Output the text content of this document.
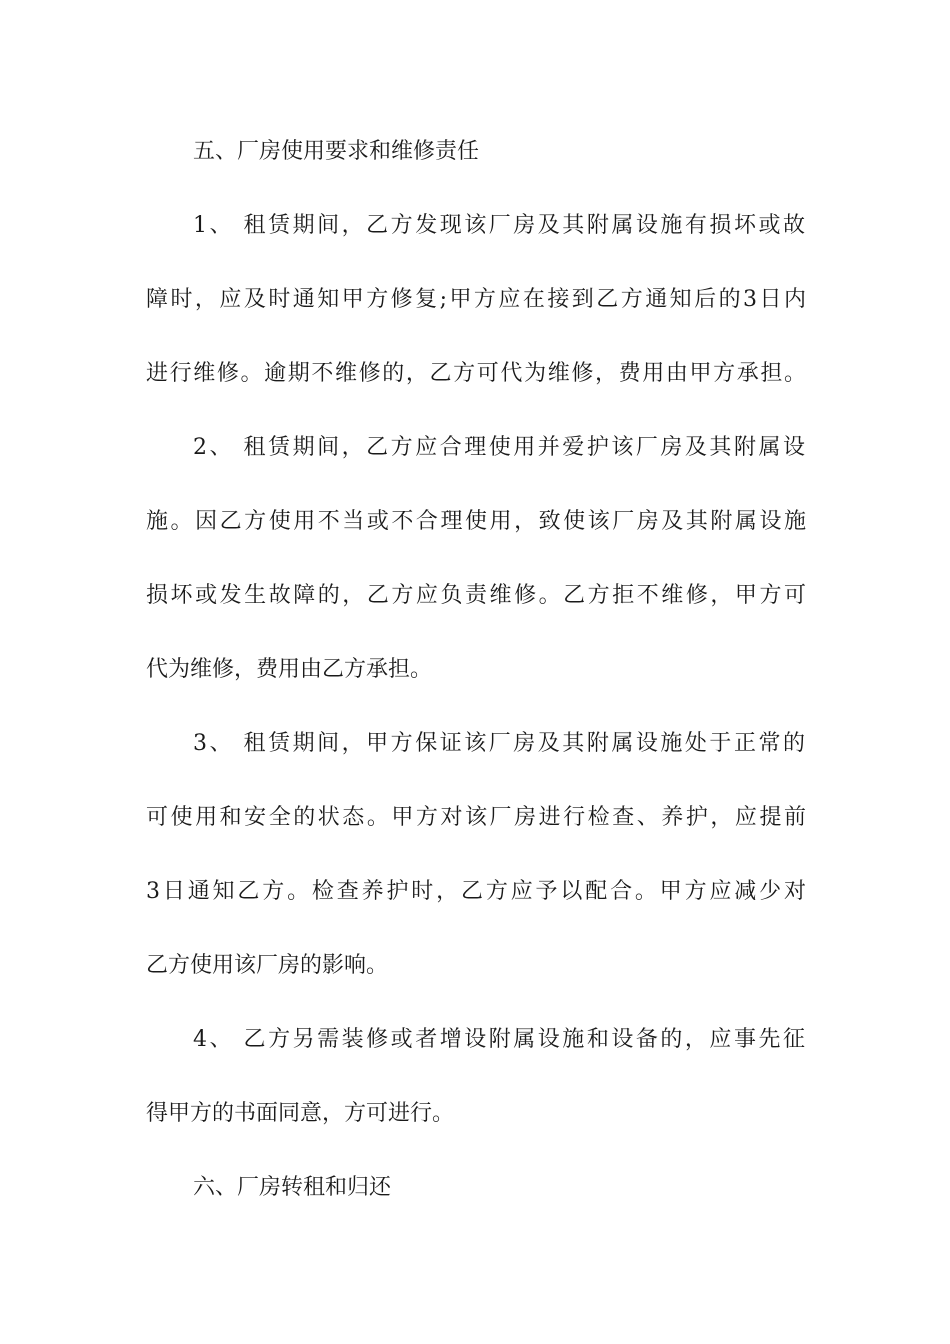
五、厂房使用要求和维修责任
1、 租赁期间，乙方发现该厂房及其附属设施有损坏或故
障时，应及时通知甲方修复;甲方应在接到乙方通知后的3日内
进行维修。逾期不维修的，乙方可代为维修，费用由甲方承担。
2、 租赁期间，乙方应合理使用并爱护该厂房及其附属设
施。因乙方使用不当或不合理使用，致使该厂房及其附属设施
损坏或发生故障的，乙方应负责维修。乙方拒不维修，甲方可
代为维修，费用由乙方承担。
3、 租赁期间，甲方保证该厂房及其附属设施处于正常的
可使用和安全的状态。甲方对该厂房进行检查、养护，应提前
3日通知乙方。检查养护时，乙方应予以配合。甲方应减少对
乙方使用该厂房的影响。
4、 乙方另需装修或者增设附属设施和设备的，应事先征
得甲方的书面同意，方可进行。
六、厂房转租和归还
